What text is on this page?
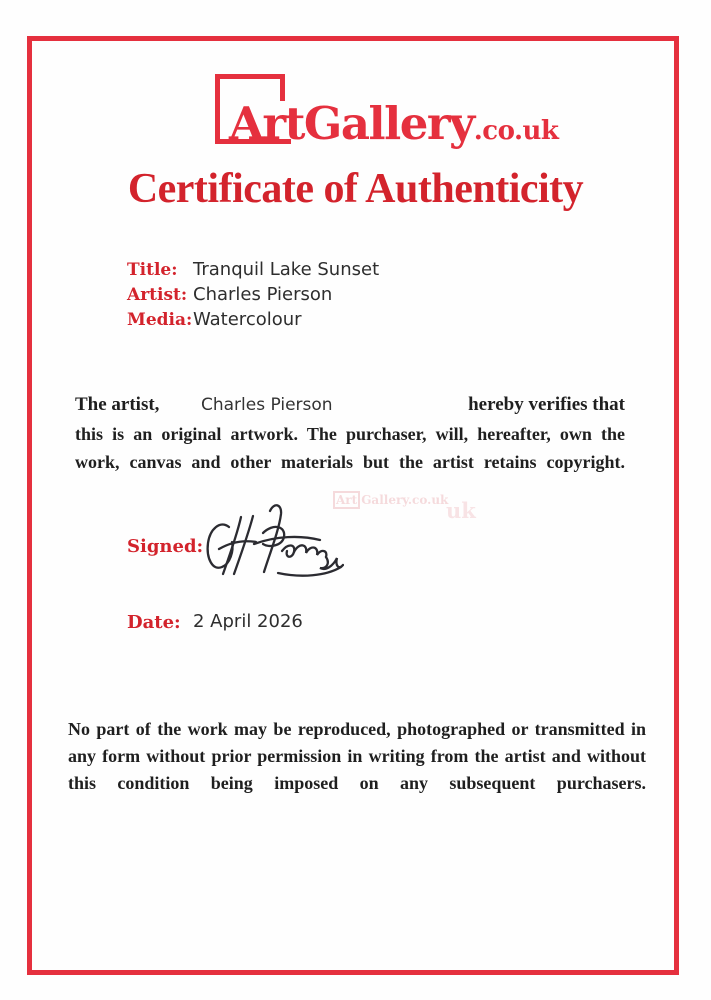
ArtGallery.co.uk
Certificate of Authenticity
Title: Tranquil Lake Sunset
Artist: Charles Pierson
Media: Watercolour
The artist, Charles Pierson	hereby verifies that

this is an original artwork. The purchaser, will, hereafter, own the work, canvas and other materials but the artist retains copyright.

Art Gallery.co.uk
uk
Signed:
Date: 2 April 2026

No part of the work may be reproduced, photographed or transmitted in any form without prior permission in writing from the artist and without this condition being imposed on any subsequent purchasers.
